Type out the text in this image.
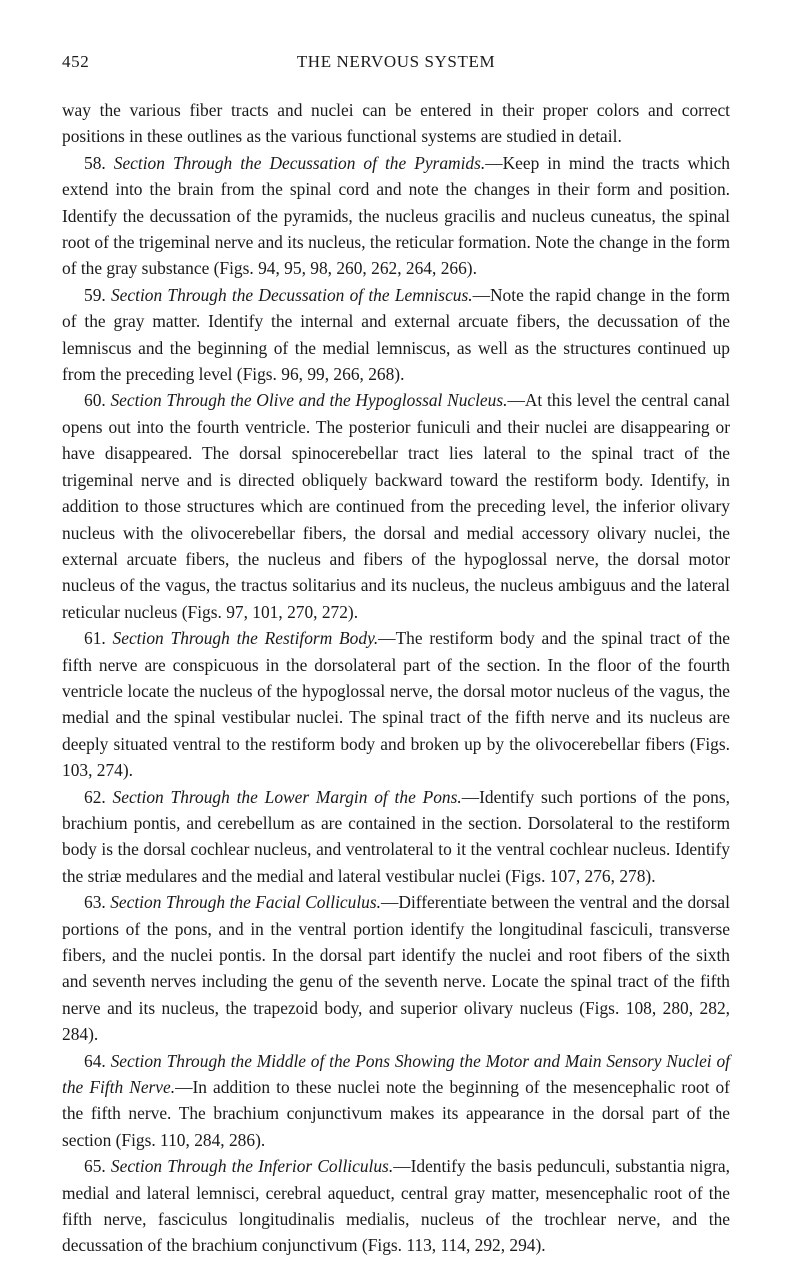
452	THE NERVOUS SYSTEM

way the various fiber tracts and nuclei can be entered in their proper colors and correct positions in these outlines as the various functional systems are studied in detail.

58. Section Through the Decussation of the Pyramids.—Keep in mind the tracts which extend into the brain from the spinal cord and note the changes in their form and position. Identify the decussation of the pyramids, the nucleus gracilis and nucleus cuneatus, the spinal root of the trigeminal nerve and its nucleus, the reticular formation. Note the change in the form of the gray substance (Figs. 94, 95, 98, 260, 262, 264, 266).

59. Section Through the Decussation of the Lemniscus.—Note the rapid change in the form of the gray matter. Identify the internal and external arcuate fibers, the decussation of the lemniscus and the beginning of the medial lemniscus, as well as the structures continued up from the preceding level (Figs. 96, 99, 266, 268).

60. Section Through the Olive and the Hypoglossal Nucleus.—At this level the central canal opens out into the fourth ventricle. The posterior funiculi and their nuclei are disappearing or have disappeared. The dorsal spinocerebellar tract lies lateral to the spinal tract of the trigeminal nerve and is directed obliquely backward toward the restiform body. Identify, in addition to those structures which are continued from the preceding level, the inferior olivary nucleus with the olivocerebellar fibers, the dorsal and medial accessory olivary nuclei, the external arcuate fibers, the nucleus and fibers of the hypoglossal nerve, the dorsal motor nucleus of the vagus, the tractus solitarius and its nucleus, the nucleus ambiguus and the lateral reticular nucleus (Figs. 97, 101, 270, 272).

61. Section Through the Restiform Body.—The restiform body and the spinal tract of the fifth nerve are conspicuous in the dorsolateral part of the section. In the floor of the fourth ventricle locate the nucleus of the hypoglossal nerve, the dorsal motor nucleus of the vagus, the medial and the spinal vestibular nuclei. The spinal tract of the fifth nerve and its nucleus are deeply situated ventral to the restiform body and broken up by the olivocerebellar fibers (Figs. 103, 274).

62. Section Through the Lower Margin of the Pons.—Identify such portions of the pons, brachium pontis, and cerebellum as are contained in the section. Dorsolateral to the restiform body is the dorsal cochlear nucleus, and ventrolateral to it the ventral cochlear nucleus. Identify the striæ medulares and the medial and lateral vestibular nuclei (Figs. 107, 276, 278).

63. Section Through the Facial Colliculus.—Differentiate between the ventral and the dorsal portions of the pons, and in the ventral portion identify the longitudinal fasciculi, transverse fibers, and the nuclei pontis. In the dorsal part identify the nuclei and root fibers of the sixth and seventh nerves including the genu of the seventh nerve. Locate the spinal tract of the fifth nerve and its nucleus, the trapezoid body, and superior olivary nucleus (Figs. 108, 280, 282, 284).

64. Section Through the Middle of the Pons Showing the Motor and Main Sensory Nuclei of the Fifth Nerve.—In addition to these nuclei note the beginning of the mesencephalic root of the fifth nerve. The brachium conjunctivum makes its appearance in the dorsal part of the section (Figs. 110, 284, 286).

65. Section Through the Inferior Colliculus.—Identify the basis pedunculi, substantia nigra, medial and lateral lemnisci, cerebral aqueduct, central gray matter, mesencephalic root of the fifth nerve, fasciculus longitudinalis medialis, nucleus of the trochlear nerve, and the decussation of the brachium conjunctivum (Figs. 113, 114, 292, 294).
